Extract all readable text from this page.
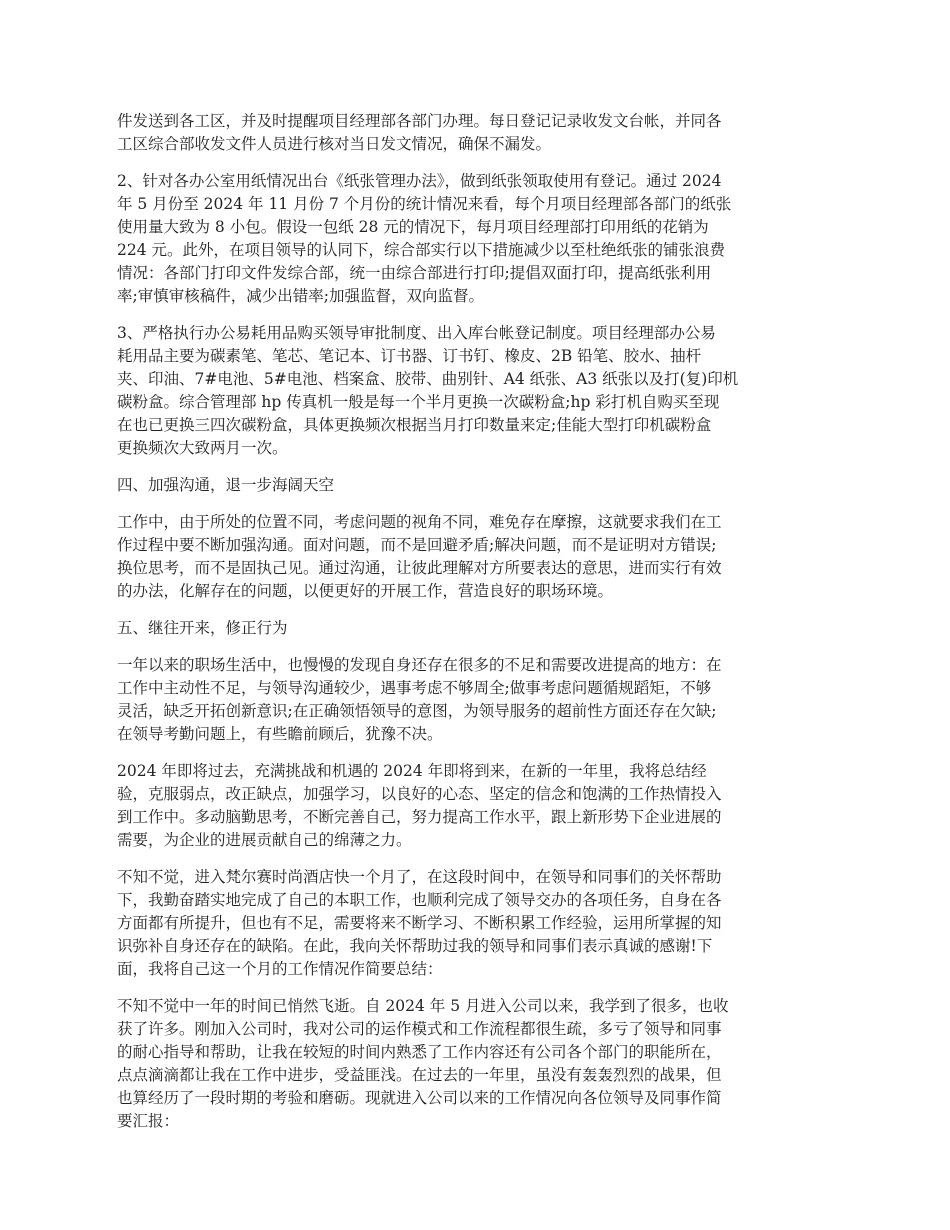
件发送到各工区，并及时提醒项目经理部各部门办理。每日登记记录收发文台帐，并同各
工区综合部收发文件人员进行核对当日发文情况，确保不漏发。

2、针对各办公室用纸情况出台《纸张管理办法》，做到纸张领取使用有登记。通过 2024
年 5 月份至 2024 年 11 月份 7 个月份的统计情况来看，每个月项目经理部各部门的纸张
使用量大致为 8 小包。假设一包纸 28 元的情况下，每月项目经理部打印用纸的花销为
224 元。此外，在项目领导的认同下，综合部实行以下措施减少以至杜绝纸张的铺张浪费
情况：各部门打印文件发综合部，统一由综合部进行打印;提倡双面打印，提高纸张利用
率;审慎审核稿件，减少出错率;加强监督，双向监督。

3、严格执行办公易耗用品购买领导审批制度、出入库台帐登记制度。项目经理部办公易
耗用品主要为碳素笔、笔芯、笔记本、订书器、订书钉、橡皮、2B 铅笔、胶水、抽杆
夹、印油、7#电池、5#电池、档案盒、胶带、曲别针、A4 纸张、A3 纸张以及打(复)印机
碳粉盒。综合管理部 hp 传真机一般是每一个半月更换一次碳粉盒;hp 彩打机自购买至现
在也已更换三四次碳粉盒，具体更换频次根据当月打印数量来定;佳能大型打印机碳粉盒
更换频次大致两月一次。

四、加强沟通，退一步海阔天空

工作中，由于所处的位置不同，考虑问题的视角不同，难免存在摩擦，这就要求我们在工
作过程中要不断加强沟通。面对问题，而不是回避矛盾;解决问题，而不是证明对方错误;
换位思考，而不是固执己见。通过沟通，让彼此理解对方所要表达的意思，进而实行有效
的办法，化解存在的问题，以便更好的开展工作，营造良好的职场环境。

五、继往开来，修正行为

一年以来的职场生活中，也慢慢的发现自身还存在很多的不足和需要改进提高的地方：在
工作中主动性不足，与领导沟通较少，遇事考虑不够周全;做事考虑问题循规蹈矩，不够
灵活，缺乏开拓创新意识;在正确领悟领导的意图，为领导服务的超前性方面还存在欠缺;
在领导考勤问题上，有些瞻前顾后，犹豫不决。

2024 年即将过去，充满挑战和机遇的 2024 年即将到来，在新的一年里，我将总结经
验，克服弱点，改正缺点，加强学习，以良好的心态、坚定的信念和饱满的工作热情投入
到工作中。多动脑勤思考，不断完善自己，努力提高工作水平，跟上新形势下企业进展的
需要，为企业的进展贡献自己的绵薄之力。

不知不觉，进入梵尔赛时尚酒店快一个月了，在这段时间中，在领导和同事们的关怀帮助
下，我勤奋踏实地完成了自己的本职工作，也顺利完成了领导交办的各项任务，自身在各
方面都有所提升，但也有不足，需要将来不断学习、不断积累工作经验，运用所掌握的知
识弥补自身还存在的缺陷。在此，我向关怀帮助过我的领导和同事们表示真诚的感谢!下
面，我将自己这一个月的工作情况作简要总结：

不知不觉中一年的时间已悄然飞逝。自 2024 年 5 月进入公司以来，我学到了很多，也收
获了许多。刚加入公司时，我对公司的运作模式和工作流程都很生疏，多亏了领导和同事
的耐心指导和帮助，让我在较短的时间内熟悉了工作内容还有公司各个部门的职能所在，
点点滴滴都让我在工作中进步，受益匪浅。在过去的一年里，虽没有轰轰烈烈的战果，但
也算经历了一段时期的考验和磨砺。现就进入公司以来的工作情况向各位领导及同事作简
要汇报：
